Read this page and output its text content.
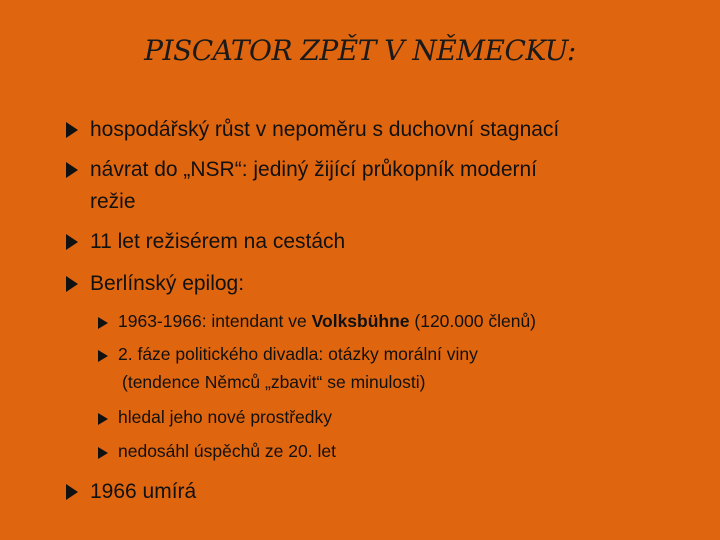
PISCATOR ZPĚT V NĚMECKU:
hospodářský růst v nepoměru s duchovní stagnací
návrat do „NSR“: jediný žijící průkopník moderní
režie
11 let režisérem na cestách
Berlínský epilog:
1963-1966: intendant ve Volksbühne (120.000 členů)
2. fáze politického divadla: otázky morální viny
(tendence Němců „zbavit“ se minulosti)
hledal jeho nové prostředky
nedosáhl úspěchů ze 20. let
1966 umírá
